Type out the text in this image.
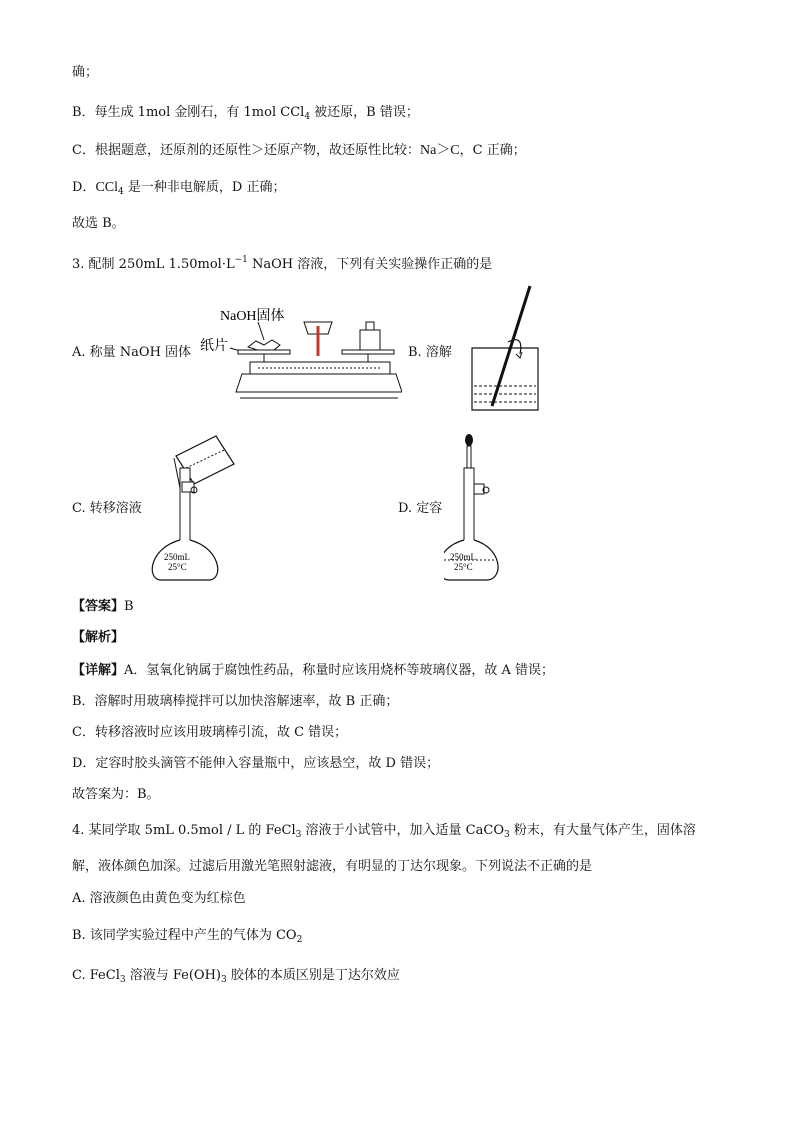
确；
B．每生成 1mol 金刚石，有 1mol CCl$_4$ 被还原，B 错误；
C．根据题意，还原剂的还原性＞还原产物，故还原性比较：Na＞C，C 正确；
D．CCl$_4$ 是一种非电解质，D 正确；
故选 B。
3. 配制 250mL $1.50mol\cdot L^{-1}$ NaOH 溶液，下列有关实验操作正确的是
A. 称量 NaOH 固体
NaOH固体
纸片	B. 溶解
C. 转移溶液
250mL
25°C
D. 定容
250mL
25°C
【答案】B
【解析】
【详解】A．氢氧化钠属于腐蚀性药品，称量时应该用烧杯等玻璃仪器，故 A 错误；
B．溶解时用玻璃棒搅拌可以加快溶解速率，故 B 正确；
C．转移溶液时应该用玻璃棒引流，故 C 错误；
D．定容时胶头滴管不能伸入容量瓶中，应该悬空，故 D 错误；
故答案为：B。
4. 某同学取 5mL 0.5mol / L 的 FeCl$_3$ 溶液于小试管中，加入适量 CaCO$_3$ 粉末，有大量气体产生，固体溶
解，液体颜色加深。过滤后用激光笔照射滤液，有明显的丁达尔现象。下列说法不正确的是
A. 溶液颜色由黄色变为红棕色
B. 该同学实验过程中产生的气体为 $CO_2$
C. FeCl$_3$ 溶液与 $Fe(OH)_3$ 胶体的本质区别是丁达尔效应
